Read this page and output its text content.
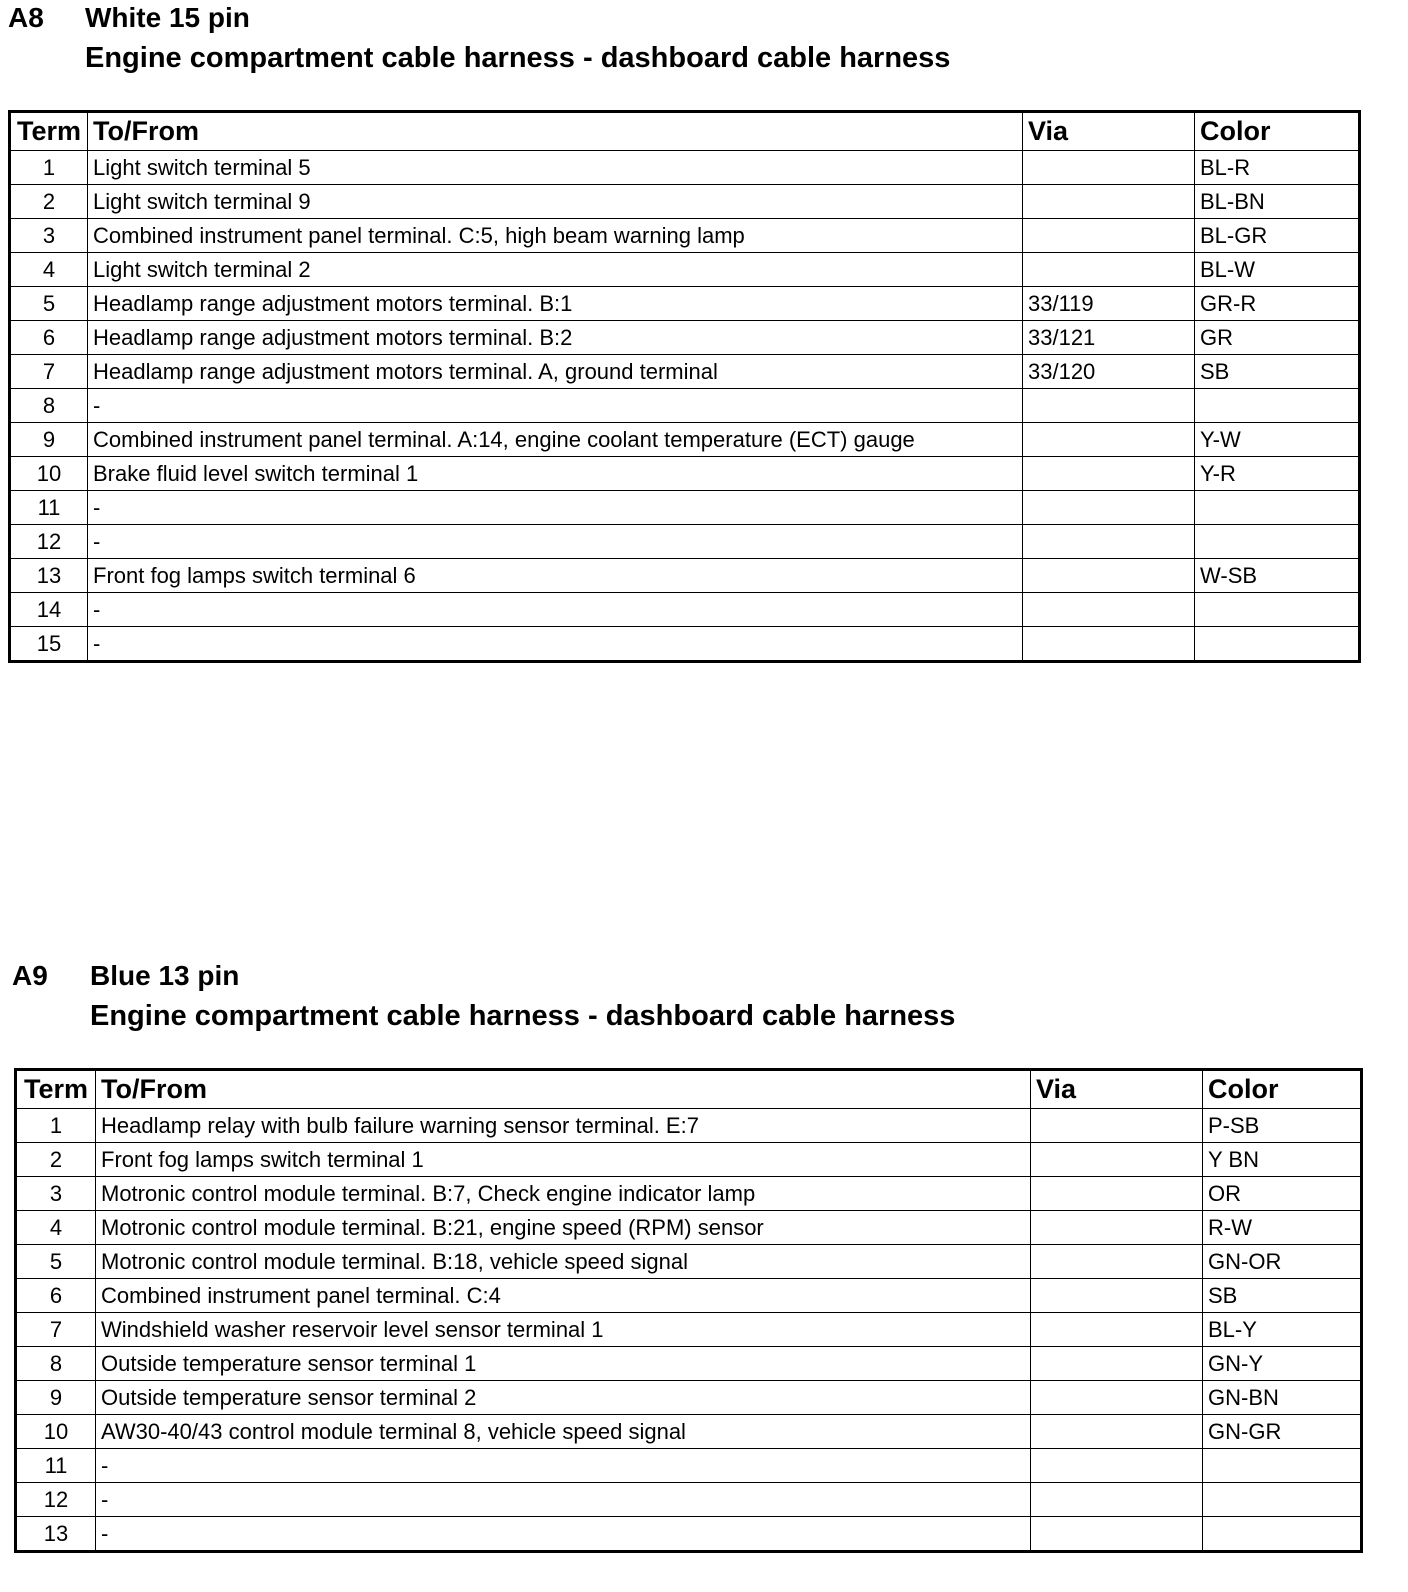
A8 White 15 pin
Engine compartment cable harness - dashboard cable harness
Term	To/From	Via	Color
1	Light switch terminal 5		BL-R
2	Light switch terminal 9		BL-BN
3	Combined instrument panel terminal. C:5, high beam warning lamp		BL-GR
4	Light switch terminal 2		BL-W
5	Headlamp range adjustment motors terminal. B:1	33/119	GR-R
6	Headlamp range adjustment motors terminal. B:2	33/121	GR
7	Headlamp range adjustment motors terminal. A, ground terminal	33/120	SB
8	-		
9	Combined instrument panel terminal. A:14, engine coolant temperature (ECT) gauge		Y-W
10	Brake fluid level switch terminal 1		Y-R
11	-		
12	-		
13	Front fog lamps switch terminal 6		W-SB
14	-		
15	-		
A9 Blue 13 pin
Engine compartment cable harness - dashboard cable harness
Term	To/From	Via	Color
1	Headlamp relay with bulb failure warning sensor terminal. E:7		P-SB
2	Front fog lamps switch terminal 1		Y BN
3	Motronic control module terminal. B:7, Check engine indicator lamp		OR
4	Motronic control module terminal. B:21, engine speed (RPM) sensor		R-W
5	Motronic control module terminal. B:18, vehicle speed signal		GN-OR
6	Combined instrument panel terminal. C:4		SB
7	Windshield washer reservoir level sensor terminal 1		BL-Y
8	Outside temperature sensor terminal 1		GN-Y
9	Outside temperature sensor terminal 2		GN-BN
10	AW30-40/43 control module terminal 8, vehicle speed signal		GN-GR
11	-		
12	-		
13	-		
